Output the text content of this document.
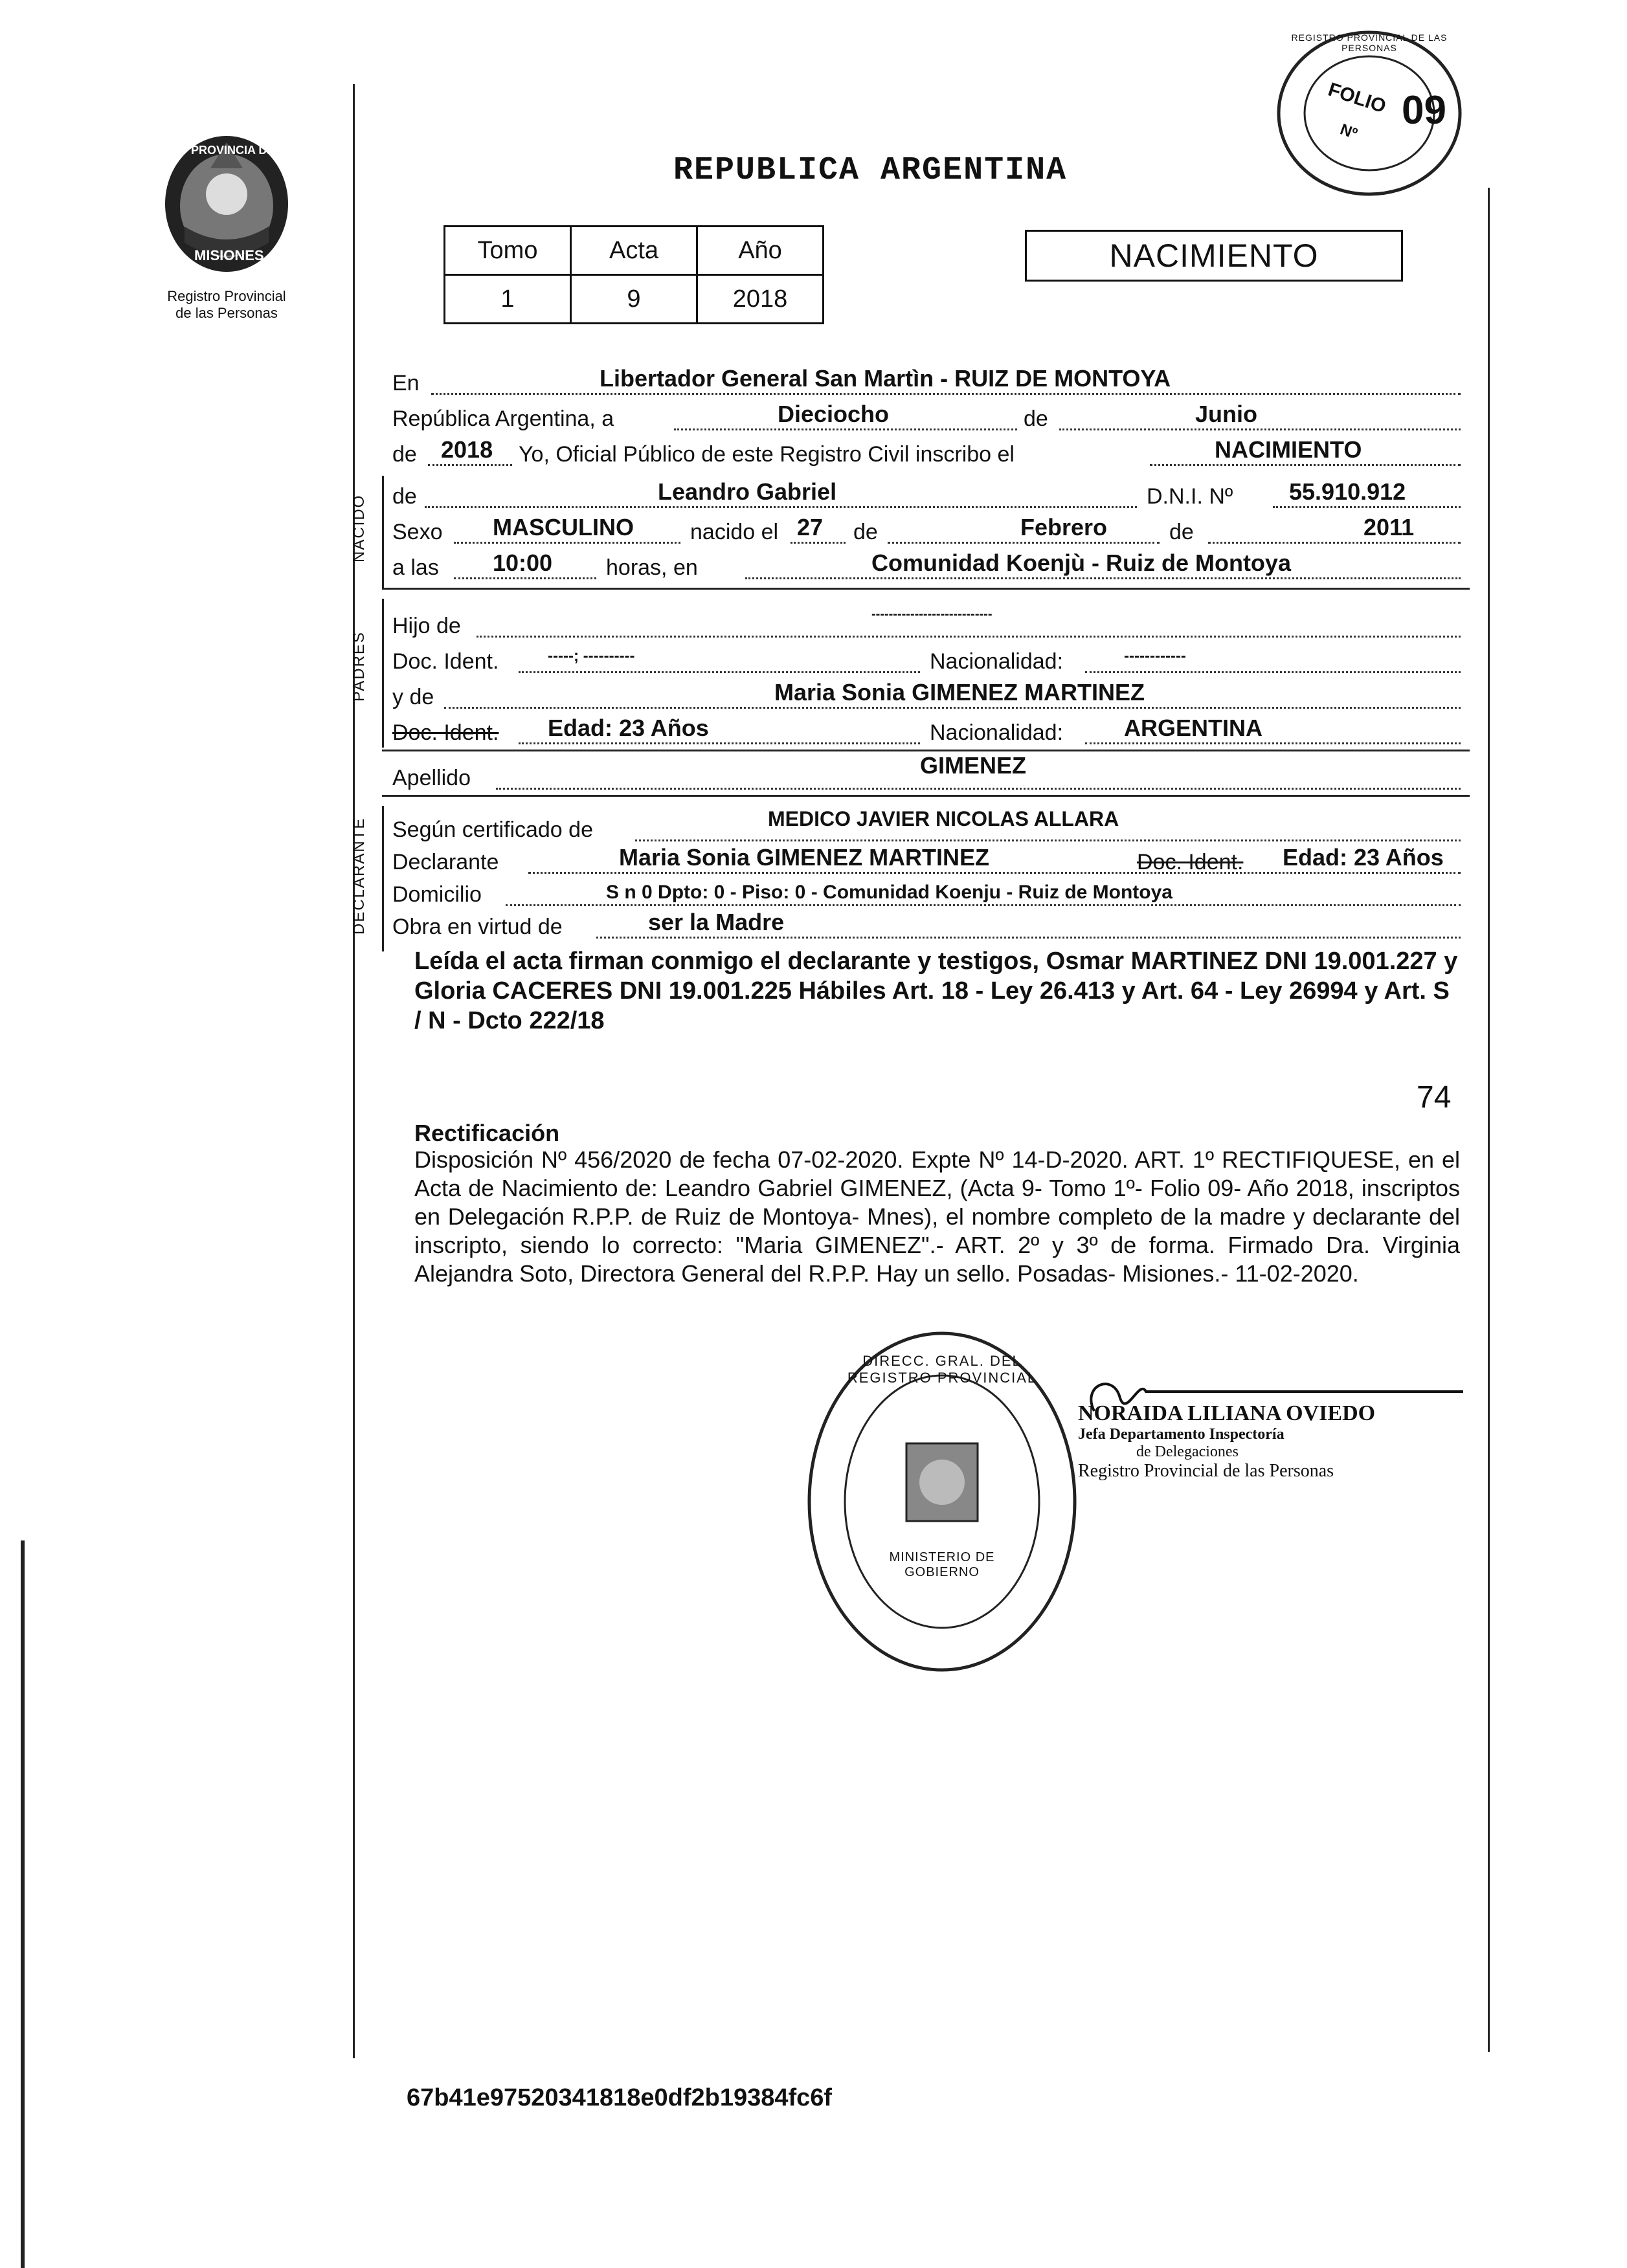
PROVINCIA DE
MISIONES
Registro Provincial
de las Personas
REPUBLICA ARGENTINA
REGISTRO PROVINCIAL DE LAS PERSONAS
FOLIO 09
Nº
Tomo	Acta	Año
1	9	2018
NACIMIENTO
En	Libertador General San Martìn - RUIZ DE MONTOYA
República Argentina, a	Dieciocho	de	Junio
de 2018 Yo, Oficial Público de este Registro Civil inscribo el	NACIMIENTO
NACIDO de	Leandro Gabriel	D.N.I. Nº 55.910.912
Sexo MASCULINO	nacido el 27 de	Febrero	de	2011
a las 10:00 horas, en	Comunidad Koenjù - Ruiz de Montoya
PADRES
Hijo de	----------------------------
Doc. Ident.	-----; ----------	Nacionalidad:	------------
y de	Maria Sonia GIMENEZ MARTINEZ
Doc. Ident. Edad: 23 Años	Nacionalidad:	ARGENTINA
Apellido	GIMENEZ
DECLARANTE Según certificado de	MEDICO JAVIER NICOLAS ALLARA
Declarante	Maria Sonia GIMENEZ MARTINEZ	Doc. Ident. Edad: 23 Años
Domicilio	S n 0 Dpto: 0 - Piso: 0 - Comunidad Koenju - Ruiz de Montoya
Obra en virtud de	ser la Madre
Leída el acta firman conmigo el declarante y testigos, Osmar MARTINEZ DNI 19.001.227 y Gloria CACERES DNI 19.001.225 Hábiles Art. 18 - Ley 26.413 y Art. 64 - Ley 26994 y Art. S / N - Dcto 222/18
74
Rectificación
Disposición Nº 456/2020 de fecha 07-02-2020. Expte Nº 14-D-2020. ART. 1º RECTIFIQUESE, en el Acta de Nacimiento de: Leandro Gabriel GIMENEZ, (Acta 9- Tomo 1º- Folio 09- Año 2018, inscriptos en Delegación R.P.P. de Ruiz de Montoya- Mnes), el nombre completo de la madre y declarante del inscripto, siendo lo correcto: "Maria GIMENEZ".- ART. 2º y 3º de forma. Firmado Dra. Virginia Alejandra Soto, Directora General del R.P.P. Hay un sello. Posadas- Misiones.- 11-02-2020.
DIRECC. GRAL. DEL REGISTRO PROVINCIAL
MINISTERIO DE GOBIERNO
NORAIDA LILIANA OVIEDO
Jefa Departamento Inspectoría
de Delegaciones
Registro Provincial de las Personas
67b41e97520341818e0df2b19384fc6f
